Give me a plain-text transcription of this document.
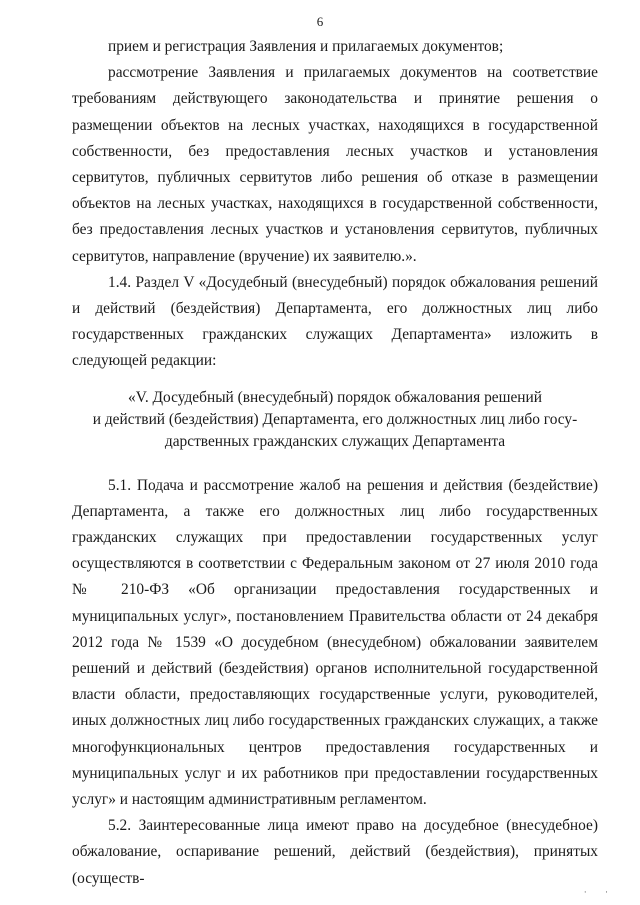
6

прием и регистрация Заявления и прилагаемых документов;

рассмотрение Заявления и прилагаемых документов на соответствие требованиям действующего законодательства и принятие решения о размещении объектов на лесных участках, находящихся в государственной собственности, без предоставления лесных участков и установления сервитутов, публичных сервитутов либо решения об отказе в размещении объектов на лесных участках, находящихся в государственной собственности, без предоставления лесных участков и установления сервитутов, публичных сервитутов, направление (вручение) их заявителю.».

1.4. Раздел V «Досудебный (внесудебный) порядок обжалования решений и действий (бездействия) Департамента, его должностных лиц либо государственных гражданских служащих Департамента» изложить в следующей редакции:

«V. Досудебный (внесудебный) порядок обжалования решений
и действий (бездействия) Департамента, его должностных лиц либо госу-
дарственных гражданских служащих Департамента

5.1. Подача и рассмотрение жалоб на решения и действия (бездействие) Департамента, а также его должностных лиц либо государственных гражданских служащих при предоставлении государственных услуг осуществляются в соответствии с Федеральным законом от 27 июля 2010 года № 210-ФЗ «Об организации предоставления государственных и муниципальных услуг», постановлением Правительства области от 24 декабря 2012 года № 1539 «О досудебном (внесудебном) обжаловании заявителем решений и действий (бездействия) органов исполнительной государственной власти области, предоставляющих государственные услуги, руководителей, иных должностных лиц либо государственных гражданских служащих, а также многофункциональных центров предоставления государственных и муниципальных услуг и их работников при предоставлении государственных услуг» и настоящим административным регламентом.

5.2. Заинтересованные лица имеют право на досудебное (внесудебное) обжалование, оспаривание решений, действий (бездействия), принятых (осуществ-

· ·
